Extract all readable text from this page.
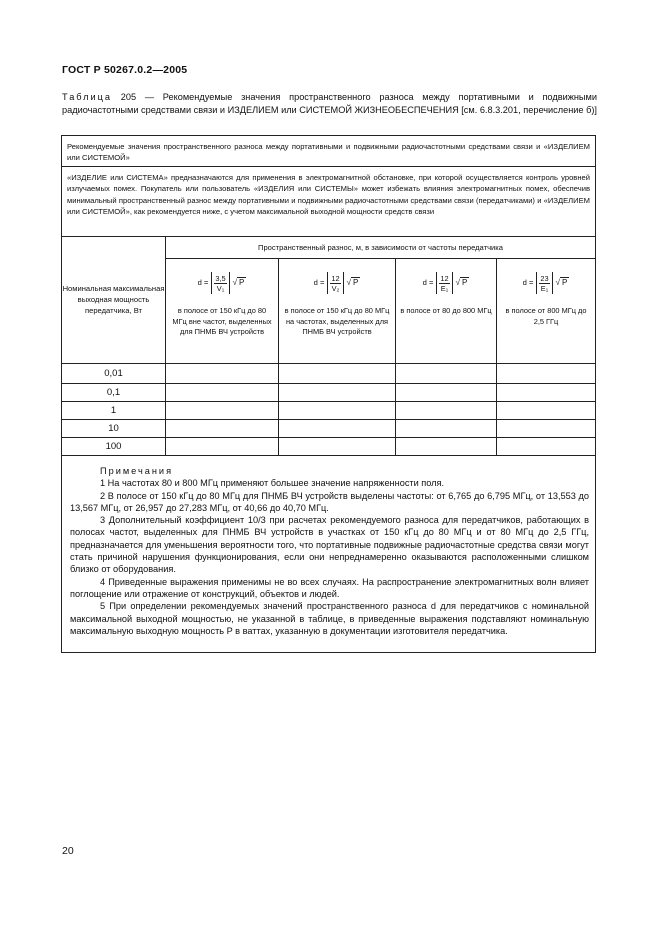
ГОСТ Р 50267.0.2—2005
Таблица 205 — Рекомендуемые значения пространственного разноса между портативными и подвижными радиочастотными средствами связи и ИЗДЕЛИЕМ или СИСТЕМОЙ ЖИЗНЕОБЕСПЕЧЕНИЯ [см. 6.8.3.201, перечисление б)]

Рекомендуемые значения пространственного разноса между портативными и подвижными радиочастотными средствами связи и «ИЗДЕЛИЕМ или СИСТЕМОЙ»

«ИЗДЕЛИЕ или СИСТЕМА» предназначаются для применения в электромагнитной обстановке, при которой осуществляется контроль уровней излучаемых помех. Покупатель или пользователь «ИЗДЕЛИЯ или СИСТЕМЫ» может избежать влияния электромагнитных помех, обеспечив минимальный пространственный разнос между портативными и подвижными радиочастотными средствами связи (передатчиками) и «ИЗДЕЛИЕМ или СИСТЕМОЙ», как рекомендуется ниже, с учетом максимальной выходной мощности средств связи

Номинальная максимальная выходная мощность передатчика, Вт
Пространственный разнос, м, в зависимости от частоты передатчика
$d = \frac{3,5}{\text{V₁}}$ √ P
в полосе от 150 кГц до 80 МГц вне частот, выделенных для ПНМБ ВЧ устройств
$d = \frac{12}{\text{V₂}}$ √ P
в полосе от 150 кГц до 80 МГц на частотах, выделенных для ПНМБ ВЧ устройств
$d = \frac{12}{\text{E₁}}$ √ P
в полосе от 80 до 800 МГц
$d = \frac{23}{\text{E₁}}$ √ P
в полосе от 800 МГц до 2,5 ГГц
0,01
0,1
1
10
100
Примечания

1 На частотах 80 и 800 МГц применяют большее значение напряженности поля.

2 В полосе от 150 кГц до 80 МГц для ПНМБ ВЧ устройств выделены частоты: от 6,765 до 6,795 МГц, от 13,553 до 13,567 МГц, от 26,957 до 27,283 МГц, от 40,66 до 40,70 МГц.

3 Дополнительный коэффициент 10/3 при расчетах рекомендуемого разноса для передатчиков, работающих в полосах частот, выделенных для ПНМБ ВЧ устройств в участках от 150 кГц до 80 МГц и от 80 МГц до 2,5 ГГц, предназначается для уменьшения вероятности того, что портативные подвижные радиочастотные средства связи могут стать причиной нарушения функционирования, если они непреднамеренно оказываются расположенными слишком близко от оборудования.

4 Приведенные выражения применимы не во всех случаях. На распространение электромагнитных волн влияет поглощение или отражение от конструкций, объектов и людей.

5 При определении рекомендуемых значений пространственного разноса d для передатчиков с номинальной максимальной выходной мощностью, не указанной в таблице, в приведенные выражения подставляют номинальную максимальную выходную мощность P в ваттах, указанную в документации изготовителя передатчика.

20
